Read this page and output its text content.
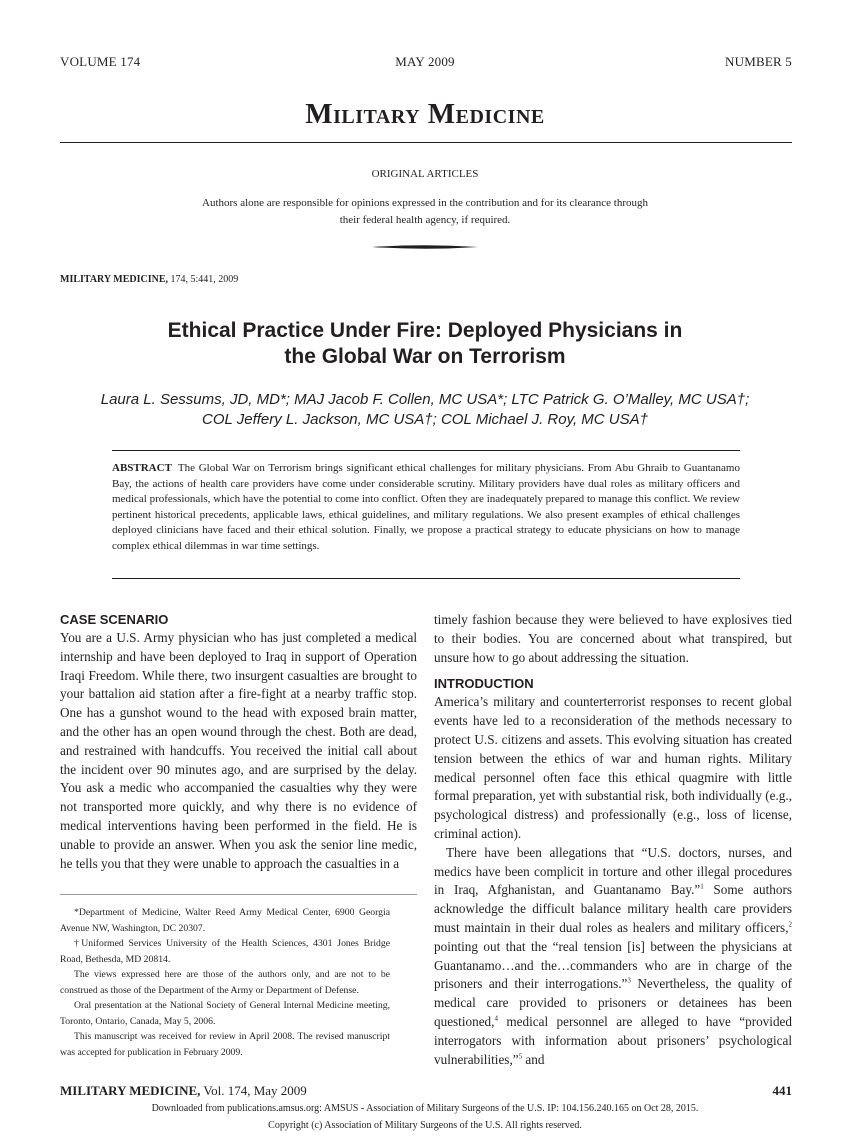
VOLUME 174	MAY 2009	NUMBER 5
Military Medicine
ORIGINAL ARTICLES
Authors alone are responsible for opinions expressed in the contribution and for its clearance through
their federal health agency, if required.
MILITARY MEDICINE, 174, 5:441, 2009
Ethical Practice Under Fire: Deployed Physicians in
the Global War on Terrorism
Laura L. Sessums, JD, MD*; MAJ Jacob F. Collen, MC USA*; LTC Patrick G. O’Malley, MC USA†;
COL Jeffery L. Jackson, MC USA†; COL Michael J. Roy, MC USA†
ABSTRACT The Global War on Terrorism brings significant ethical challenges for military physicians. From Abu Ghraib to Guantanamo Bay, the actions of health care providers have come under considerable scrutiny. Military providers have dual roles as military officers and medical professionals, which have the potential to come into conflict. Often they are inadequately prepared to manage this conflict. We review pertinent historical precedents, applicable laws, ethical guidelines, and military regulations. We also present examples of ethical challenges deployed clinicians have faced and their ethical solution. Finally, we propose a practical strategy to educate physicians on how to manage complex ethical dilemmas in war time settings.
CASE SCENARIO

You are a U.S. Army physician who has just completed a medical internship and have been deployed to Iraq in support of Operation Iraqi Freedom. While there, two insurgent casualties are brought to your battalion aid station after a fire-fight at a nearby traffic stop. One has a gunshot wound to the head with exposed brain matter, and the other has an open wound through the chest. Both are dead, and restrained with handcuffs. You received the initial call about the incident over 90 minutes ago, and are surprised by the delay. You ask a medic who accompanied the casualties why they were not transported more quickly, and why there is no evidence of medical interventions having been performed in the field. He is unable to provide an answer. When you ask the senior line medic, he tells you that they were unable to approach the casualties in a

*Department of Medicine, Walter Reed Army Medical Center, 6900 Georgia Avenue NW, Washington, DC 20307.

†Uniformed Services University of the Health Sciences, 4301 Jones Bridge Road, Bethesda, MD 20814.

The views expressed here are those of the authors only, and are not to be construed as those of the Department of the Army or Department of Defense.

Oral presentation at the National Society of General Internal Medicine meeting, Toronto, Ontario, Canada, May 5, 2006.

This manuscript was received for review in April 2008. The revised manuscript was accepted for publication in February 2009.

timely fashion because they were believed to have explosives tied to their bodies. You are concerned about what transpired, but unsure how to go about addressing the situation.

INTRODUCTION

America’s military and counterterrorist responses to recent global events have led to a reconsideration of the methods necessary to protect U.S. citizens and assets. This evolving situation has created tension between the ethics of war and human rights. Military medical personnel often face this ethical quagmire with little formal preparation, yet with substantial risk, both individually (e.g., psychological distress) and professionally (e.g., loss of license, criminal action).

There have been allegations that “U.S. doctors, nurses, and medics have been complicit in torture and other illegal procedures in Iraq, Afghanistan, and Guantanamo Bay.”$^1$ Some authors acknowledge the difficult balance military health care providers must maintain in their dual roles as healers and military officers,$^2$ pointing out that the “real tension [is] between the physicians at Guantanamo…and the…commanders who are in charge of the prisoners and their interrogations.”$^3$ Nevertheless, the quality of medical care provided to prisoners or detainees has been questioned,$^4$ medical personnel are alleged to have “provided interrogators with information about prisoners’ psychological vulnerabilities,”$^5$ and

MILITARY MEDICINE, Vol. 174, May 2009	441
Downloaded from publications.amsus.org: AMSUS - Association of Military Surgeons of the U.S. IP: 104.156.240.165 on Oct 28, 2015.
Copyright (c) Association of Military Surgeons of the U.S. All rights reserved.
